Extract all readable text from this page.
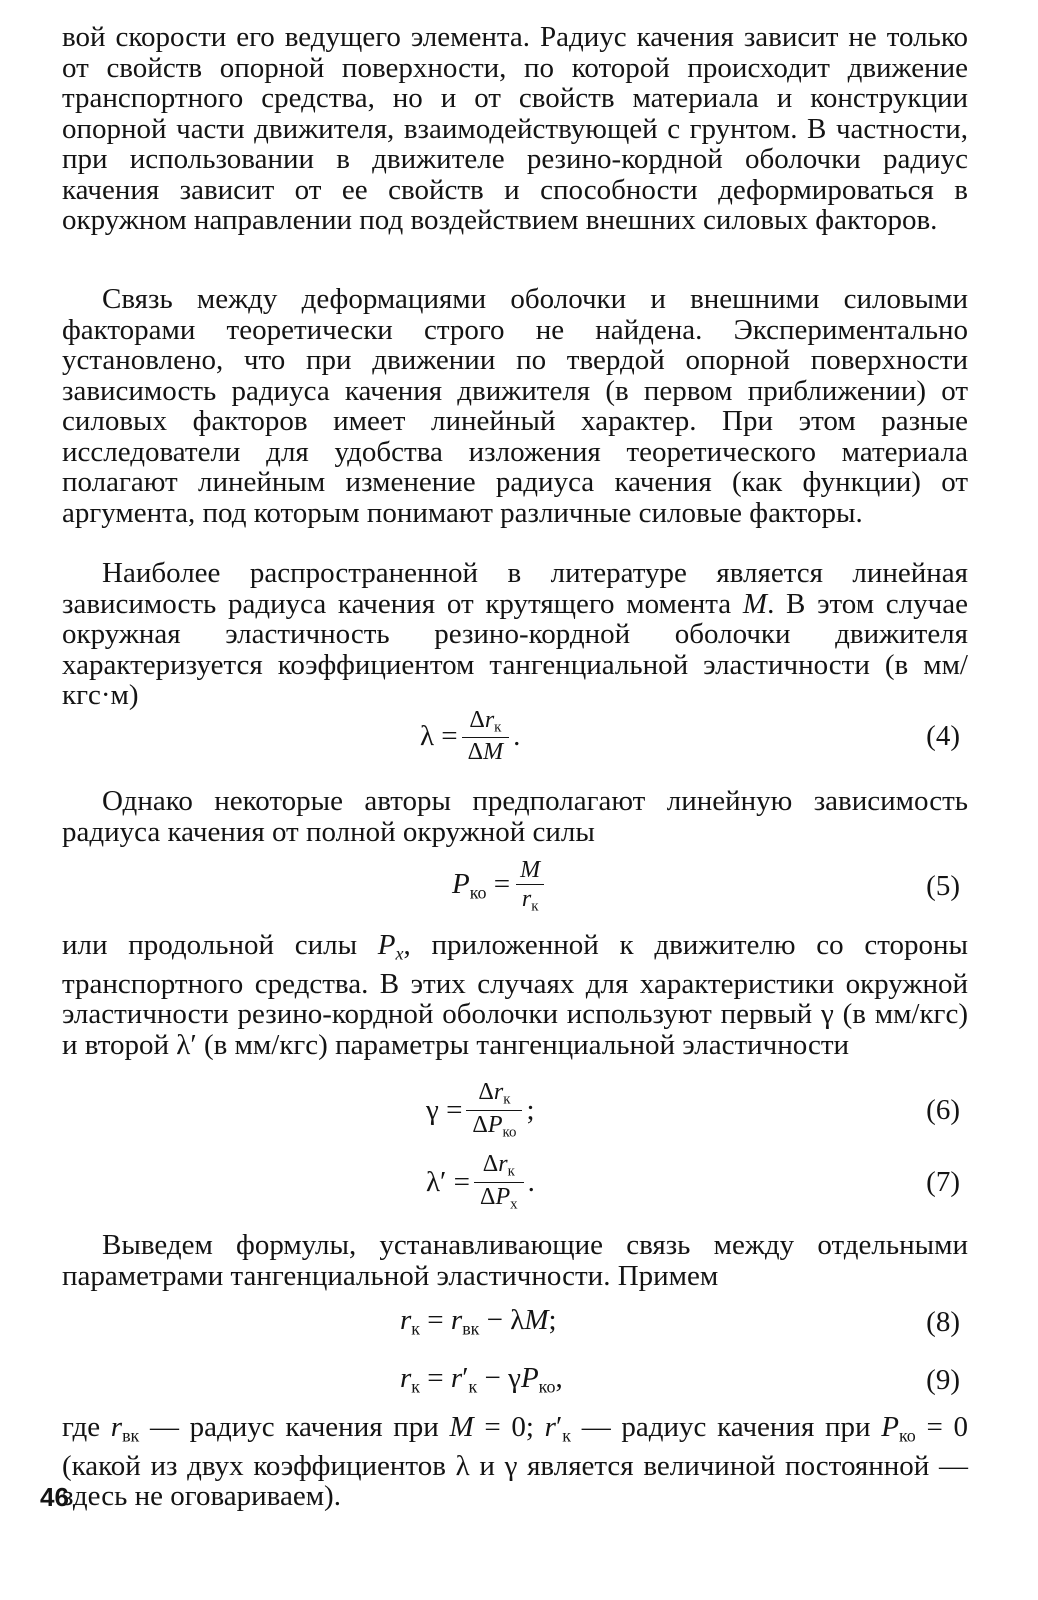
вой скорости его ведущего элемента. Радиус качения зависит не только от свойств опорной поверхности, по которой происходит движение транспортного средства, но и от свойств материала и конструкции опорной части движителя, взаимодействующей с грунтом. В частности, при использовании в движителе резино-кордной оболочки радиус качения зависит от ее свойств и способности деформироваться в окружном направлении под воздействием внешних силовых факторов.

Связь между деформациями оболочки и внешними силовыми факторами теоретически строго не найдена. Экспериментально установлено, что при движении по твердой опорной поверхности зависимость радиуса качения движителя (в первом приближении) от силовых факторов имеет линейный характер. При этом разные исследователи для удобства изложения теоретического материала полагают линейным изменение радиуса качения (как функции) от аргумента, под которым понимают различные силовые факторы.

Наиболее распространенной в литературе является линейная зависимость радиуса качения от крутящего момента M. В этом случае окружная эластичность резино-кордной оболочки движителя характеризуется коэффициентом тангенциальной эластичности (в мм/кгс·м)

$\lambda = \frac{\Delta r_к}{\Delta M}$ .	(4)

Однако некоторые авторы предполагают линейную зависимость радиуса качения от полной окружной силы

$P_{ко} = \frac{M}{r_к}$	(5)

или продольной силы $P_x$, приложенной к движителю со стороны транспортного средства. В этих случаях для характеристики окружной эластичности резино-кордной оболочки используют первый γ (в мм/кгс) и второй λ′ (в мм/кгс) параметры тангенциальной эластичности

$\gamma = \frac{\Delta r_к}{\Delta P_{ко}}$ ;	(6)
$\lambda' = \frac{\Delta r_к}{\Delta P_x}$ .	(7)

Выведем формулы, устанавливающие связь между отдельными параметрами тангенциальной эластичности. Примем

$r_к = r_{вк} - \lambda M$;	(8)
$r_к = r'_к - \gamma P_{ко}$,	(9)

где $r_{вк}$ — радиус качения при M = 0; $r'_к$ — радиус качения при $P_{ко} = 0$ (какой из двух коэффициентов λ и γ является величиной постоянной — здесь не оговариваем).

46
